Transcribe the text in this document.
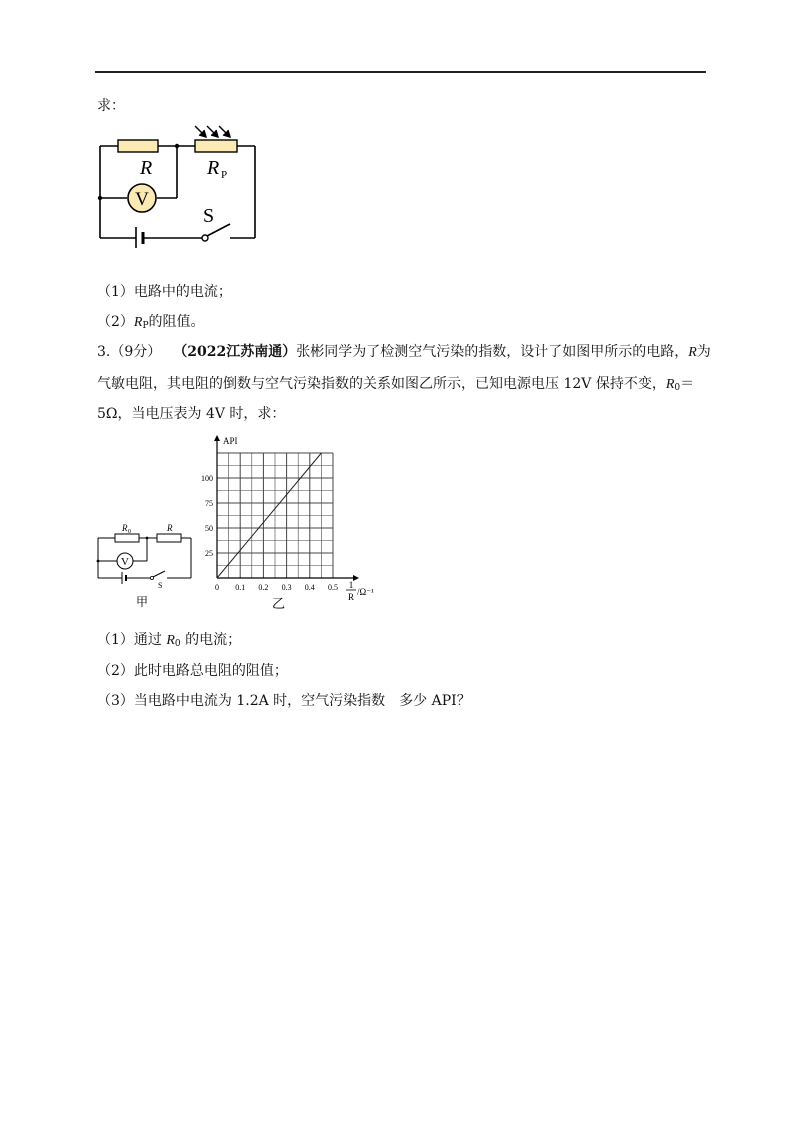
求：
V
R	R P
S
（1）电路中的电流；
$(2)R_P$的阻值。
3.（9分） （2022江苏南通）张彬同学为了检测空气污染的指数，设计了如图甲所示的电路，R为
气敏电阻，其电阻的倒数与空气污染指数的关系如图乙所示，已知电源电压 12V 保持不变，$R_0=$
5Ω，当电压表为 4V 时，求：
V
R 0	R
S
甲	乙
API
0 0.1 0.2 0.3 0.4 0.5
25
50
75
100
1
R /Ω⁻¹
（1）通过 $R_0$ 的电流；
（2）此时电路总电阻的阻值；
（3）当电路中电流为 1.2A 时，空气污染指数　多少 API？
